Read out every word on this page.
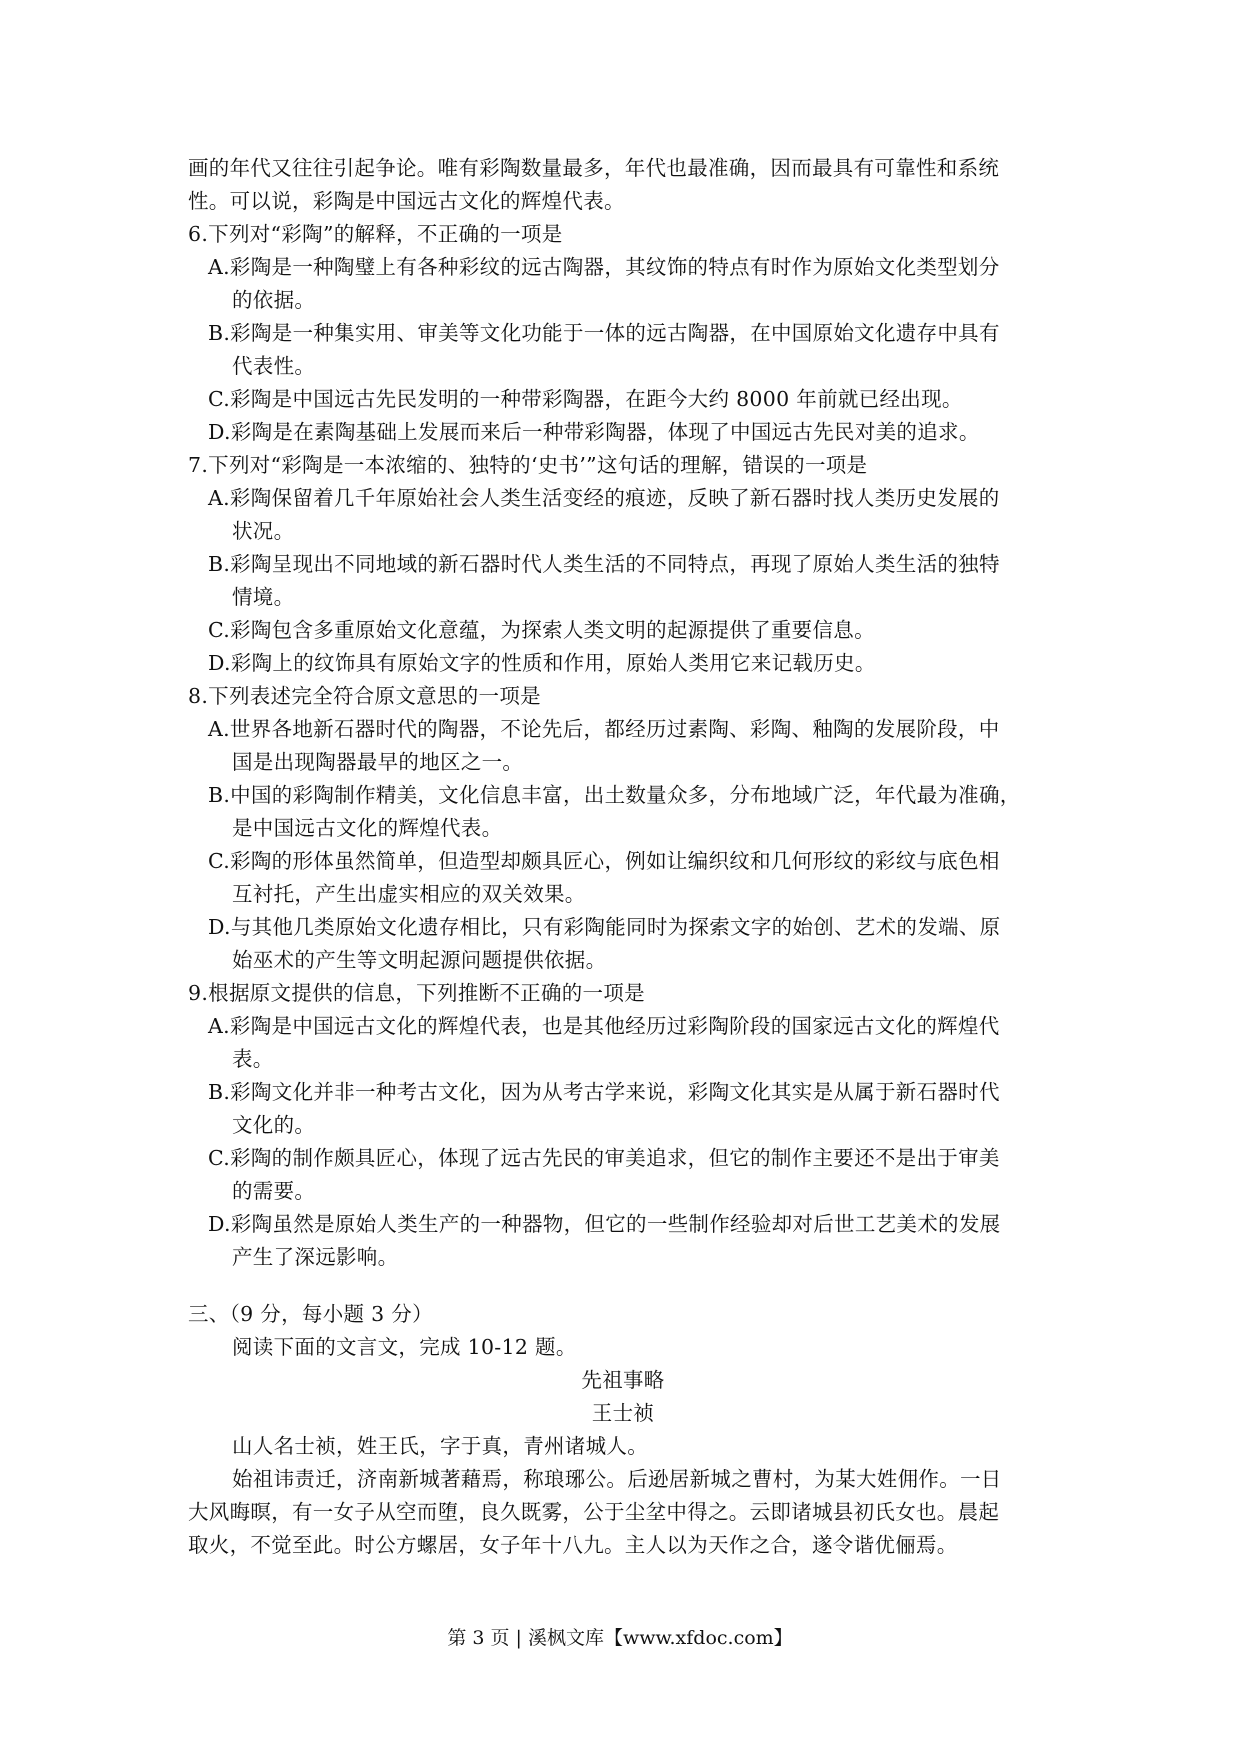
画的年代又往往引起争论。唯有彩陶数量最多，年代也最准确，因而最具有可靠性和系统
性。可以说，彩陶是中国远古文化的辉煌代表。
6.下列对“彩陶”的解释，不正确的一项是
A.彩陶是一种陶璧上有各种彩纹的远古陶器，其纹饰的特点有时作为原始文化类型划分
的依据。
B.彩陶是一种集实用、审美等文化功能于一体的远古陶器，在中国原始文化遗存中具有
代表性。
C.彩陶是中国远古先民发明的一种带彩陶器，在距今大约 8000 年前就已经出现。
D.彩陶是在素陶基础上发展而来后一种带彩陶器，体现了中国远古先民对美的追求。
7.下列对“彩陶是一本浓缩的、独特的‘史书’”这句话的理解，错误的一项是
A.彩陶保留着几千年原始社会人类生活变经的痕迹，反映了新石器时找人类历史发展的
状况。
B.彩陶呈现出不同地域的新石器时代人类生活的不同特点，再现了原始人类生活的独特
情境。
C.彩陶包含多重原始文化意蕴，为探索人类文明的起源提供了重要信息。
D.彩陶上的纹饰具有原始文字的性质和作用，原始人类用它来记载历史。
8.下列表述完全符合原文意思的一项是
A.世界各地新石器时代的陶器，不论先后，都经历过素陶、彩陶、釉陶的发展阶段，中
国是出现陶器最早的地区之一。
B.中国的彩陶制作精美，文化信息丰富，出土数量众多，分布地域广泛，年代最为准确，
是中国远古文化的辉煌代表。
C.彩陶的形体虽然简单，但造型却颇具匠心，例如让编织纹和几何形纹的彩纹与底色相
互衬托，产生出虚实相应的双关效果。
D.与其他几类原始文化遗存相比，只有彩陶能同时为探索文字的始创、艺术的发端、原
始巫术的产生等文明起源问题提供依据。
9.根据原文提供的信息，下列推断不正确的一项是
A.彩陶是中国远古文化的辉煌代表，也是其他经历过彩陶阶段的国家远古文化的辉煌代
表。
B.彩陶文化并非一种考古文化，因为从考古学来说，彩陶文化其实是从属于新石器时代
文化的。
C.彩陶的制作颇具匠心，体现了远古先民的审美追求，但它的制作主要还不是出于审美
的需要。
D.彩陶虽然是原始人类生产的一种器物，但它的一些制作经验却对后世工艺美术的发展
产生了深远影响。
三、（9 分，每小题 3 分）
阅读下面的文言文，完成 10-12 题。
先祖事略
王士祯
山人名士祯，姓王氏，字于真，青州诸城人。
始祖讳责迁，济南新城著藉焉，称琅琊公。后逊居新城之曹村，为某大姓佣作。一日
大风晦暝，有一女子从空而堕，良久既雾，公于尘坌中得之。云即诸城县初氏女也。晨起
取火，不觉至此。时公方螺居，女子年十八九。主人以为天作之合，遂令谐优俪焉。
第 3 页 | 溪枫文库【www.xfdoc.com】
